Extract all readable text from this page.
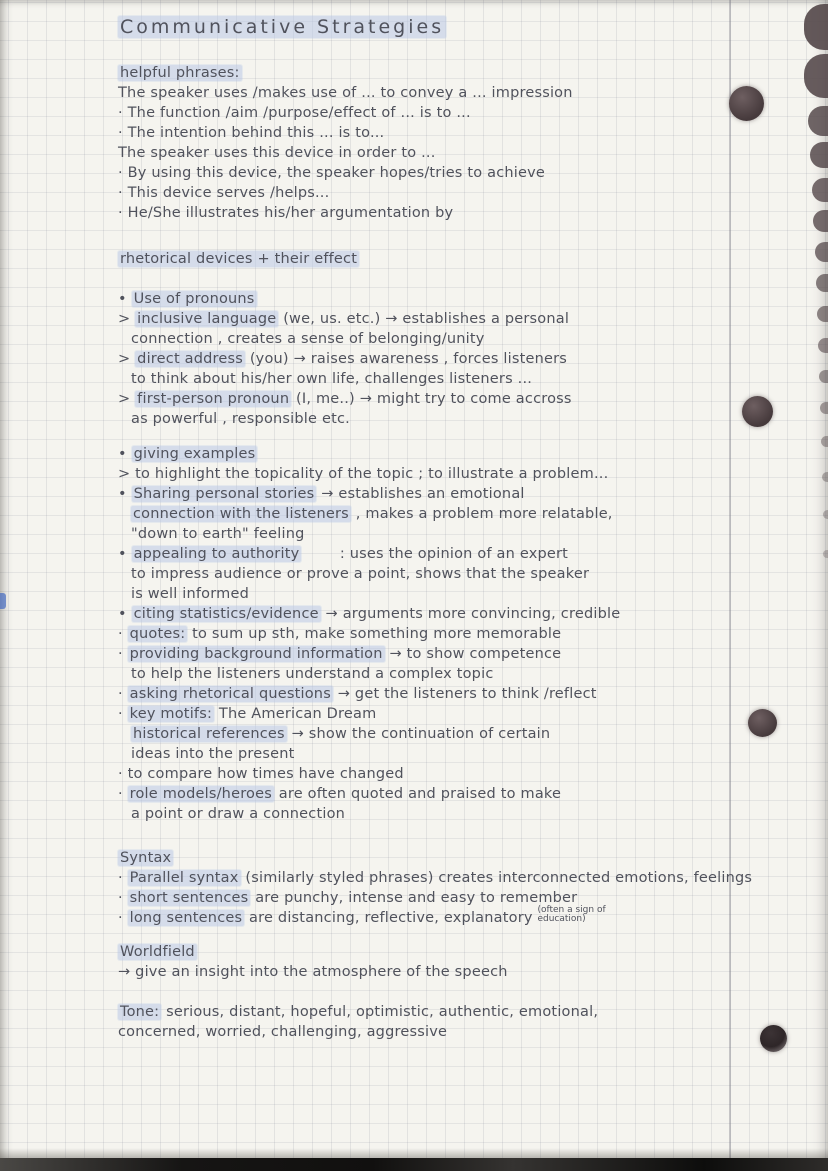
Communicative Strategies
helpful phrases:
The speaker uses /makes use of ... to convey a ... impression
· The function /aim /purpose/effect of ... is to ...
· The intention behind this ... is to...
The speaker uses this device in order to ...
· By using this device, the speaker hopes/tries to achieve
· This device serves /helps...
· He/She illustrates his/her argumentation by
rhetorical devices + their effect
• Use of pronouns
> inclusive language (we, us. etc.) → establishes a personal
connection , creates a sense of belonging/unity
> direct address (you) → raises awareness , forces listeners
to think about his/her own life, challenges listeners ...
> first-person pronoun (I, me..) → might try to come accross
as powerful , responsible etc.
• giving examples
> to highlight the topicality of the topic ; to illustrate a problem...
• Sharing personal stories → establishes an emotional
connection with the listeners , makes a problem more relatable,
"down to earth" feeling
• appealing to authority        : uses the opinion of an expert
to impress audience or prove a point, shows that the speaker
is well informed
• citing statistics/evidence → arguments more convincing, credible
· quotes: to sum up sth, make something more memorable
· providing background information → to show competence
to help the listeners understand a complex topic
· asking rhetorical questions → get the listeners to think /reflect
· key motifs: The American Dream
historical references → show the continuation of certain
ideas into the present
· to compare how times have changed
· role models/heroes are often quoted and praised to make
a point or draw a connection
Syntax
· Parallel syntax (similarly styled phrases) creates interconnected emotions, feelings
· short sentences are punchy, intense and easy to remember
· long sentences are distancing, reflective, explanatory (often a sign of education)
Worldfield
→ give an insight into the atmosphere of the speech
Tone: serious, distant, hopeful, optimistic, authentic, emotional,
concerned, worried, challenging, aggressive
